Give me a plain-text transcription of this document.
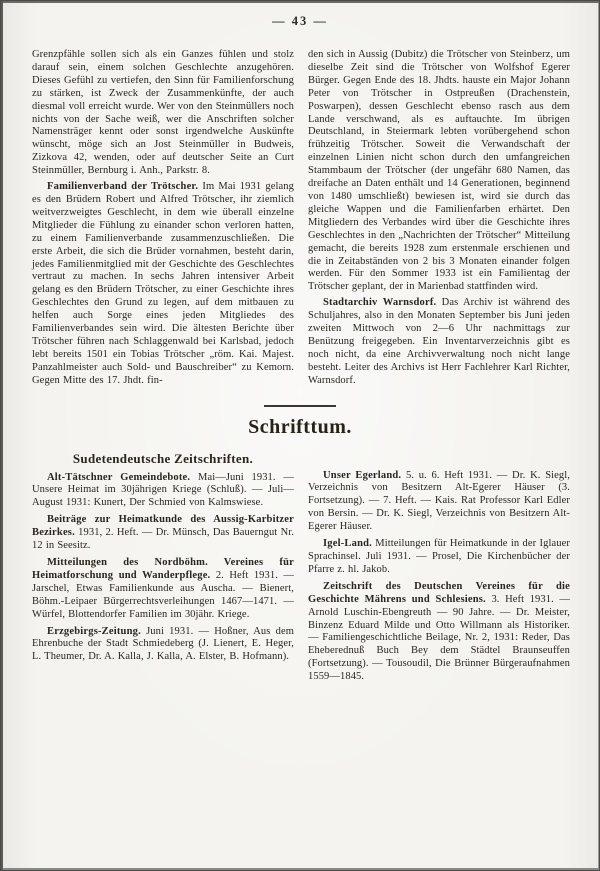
— 43 —

Grenzpfähle sollen sich als ein Ganzes fühlen und stolz darauf sein, einem solchen Geschlechte anzugehören. Dieses Gefühl zu vertiefen, den Sinn für Familienforschung zu stärken, ist Zweck der Zusammenkünfte, der auch diesmal voll erreicht wurde. Wer von den Steinmüllers noch nichts von der Sache weiß, wer die Anschriften solcher Namensträger kennt oder sonst irgendwelche Auskünfte wünscht, möge sich an Jost Steinmüller in Budweis, Zizkova 42, wenden, oder auf deutscher Seite an Curt Steinmüller, Bernburg i. Anh., Parkstr. 8.

Familienverband der Trötscher. Im Mai 1931 gelang es den Brüdern Robert und Alfred Trötscher, ihr ziemlich weitverzweigtes Geschlecht, in dem wie überall einzelne Mitglieder die Fühlung zu einander schon verloren hatten, zu einem Familienverbande zusammenzuschließen. Die erste Arbeit, die sich die Brüder vornahmen, besteht darin, jedes Familienmitglied mit der Geschichte des Geschlechtes vertraut zu machen. In sechs Jahren intensiver Arbeit gelang es den Brüdern Trötscher, zu einer Geschichte ihres Geschlechtes den Grund zu legen, auf dem mitbauen zu helfen auch Sorge eines jeden Mitgliedes des Familienverbandes sein wird. Die ältesten Berichte über Trötscher führen nach Schlaggenwald bei Karlsbad, jedoch lebt bereits 1501 ein Tobias Trötscher „röm. Kai. Majest. Panzahlmeister auch Sold- und Bauschreiber“ zu Kemorn. Gegen Mitte des 17. Jhdt. fin-

den sich in Aussig (Dubitz) die Trötscher von Steinberz, um dieselbe Zeit sind die Trötscher von Wolfshof Egerer Bürger. Gegen Ende des 18. Jhdts. hauste ein Major Johann Peter von Trötscher in Ostpreußen (Drachenstein, Poswarpen), dessen Geschlecht ebenso rasch aus dem Lande verschwand, als es auftauchte. Im übrigen Deutschland, in Steiermark lebten vorübergehend schon frühzeitig Trötscher. Soweit die Verwandschaft der einzelnen Linien nicht schon durch den umfangreichen Stammbaum der Trötscher (der ungefähr 680 Namen, das dreifache an Daten enthält und 14 Generationen, beginnend von 1480 umschließt) bewiesen ist, wird sie durch das gleiche Wappen und die Familienfarben erhärtet. Den Mitgliedern des Verbandes wird über die Geschichte ihres Geschlechtes in den „Nachrichten der Trötscher“ Mitteilung gemacht, die bereits 1928 zum erstenmale erschienen und die in Zeitabständen von 2 bis 3 Monaten einander folgen werden. Für den Sommer 1933 ist ein Familientag der Trötscher geplant, der in Marienbad stattfinden wird.

Stadtarchiv Warnsdorf. Das Archiv ist während des Schuljahres, also in den Monaten September bis Juni jeden zweiten Mittwoch von 2—6 Uhr nachmittags zur Benützung freigegeben. Ein Inventarverzeichnis gibt es noch nicht, da eine Archivverwaltung noch nicht lange besteht. Leiter des Archivs ist Herr Fachlehrer Karl Richter, Warnsdorf.

Schrifttum.
Sudetendeutsche Zeitschriften.

Alt-Tätschner Gemeindebote. Mai—Juni 1931. — Unsere Heimat im 30jährigen Kriege (Schluß). — Juli—August 1931: Kunert, Der Schmied von Kalmswiese.

Beiträge zur Heimatkunde des Aussig-Karbitzer Bezirkes. 1931, 2. Heft. — Dr. Münsch, Das Bauerngut Nr. 12 in Seesitz.

Mitteilungen des Nordböhm. Vereines für Heimatforschung und Wanderpflege. 2. Heft 1931. — Jarschel, Etwas Familienkunde aus Auscha. — Bienert, Böhm.-Leipaer Bürgerrechtsverleihungen 1467—1471. — Würfel, Blottendorfer Familien im 30jähr. Kriege.

Erzgebirgs-Zeitung. Juni 1931. — Hoßner, Aus dem Ehrenbuche der Stadt Schmiedeberg (J. Lienert, E. Heger, L. Theumer, Dr. A. Kalla, J. Kalla, A. Elster, B. Hofmann).

Unser Egerland. 5. u. 6. Heft 1931. — Dr. K. Siegl, Verzeichnis von Besitzern Alt-Egerer Häuser (3. Fortsetzung). — 7. Heft. — Kais. Rat Professor Karl Edler von Bersin. — Dr. K. Siegl, Verzeichnis von Besitzern Alt-Egerer Häuser.

Igel-Land. Mitteilungen für Heimatkunde in der Iglauer Sprachinsel. Juli 1931. — Prosel, Die Kirchenbücher der Pfarre z. hl. Jakob.

Zeitschrift des Deutschen Vereines für die Geschichte Mährens und Schlesiens. 3. Heft 1931. — Arnold Luschin-Ebengreuth — 90 Jahre. — Dr. Meister, Binzenz Eduard Milde und Otto Willmann als Historiker. — Familiengeschichtliche Beilage, Nr. 2, 1931: Reder, Das Eheberednuß Buch Bey dem Städtel Braunseuffen (Fortsetzung). — Tousoudil, Die Brünner Bürgeraufnahmen 1559—1845.
